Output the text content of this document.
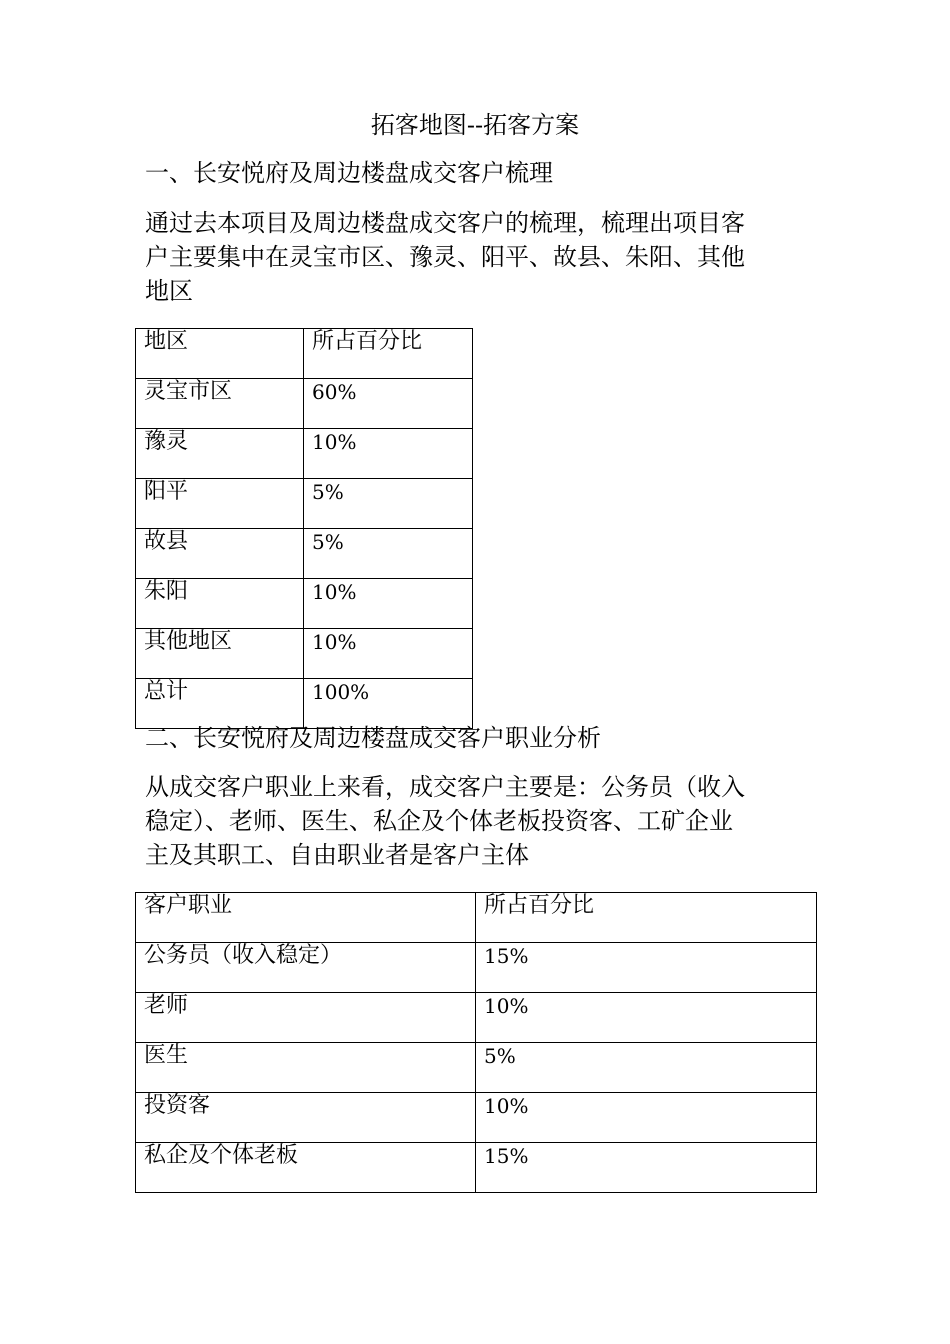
拓客地图--拓客方案
一、长安悦府及周边楼盘成交客户梳理
通过去本项目及周边楼盘成交客户的梳理，梳理出项目客
户主要集中在灵宝市区、豫灵、阳平、故县、朱阳、其他
地区
地区	所占百分比
灵宝市区	60%
豫灵	10%
阳平	5%
故县	5%
朱阳	10%
其他地区	10%
总计	100%
二、长安悦府及周边楼盘成交客户职业分析
从成交客户职业上来看，成交客户主要是：公务员（收入
稳定）、老师、医生、私企及个体老板投资客、工矿企业
主及其职工、自由职业者是客户主体
客户职业	所占百分比
公务员（收入稳定）	15%
老师	10%
医生	5%
投资客	10%
私企及个体老板	15%
